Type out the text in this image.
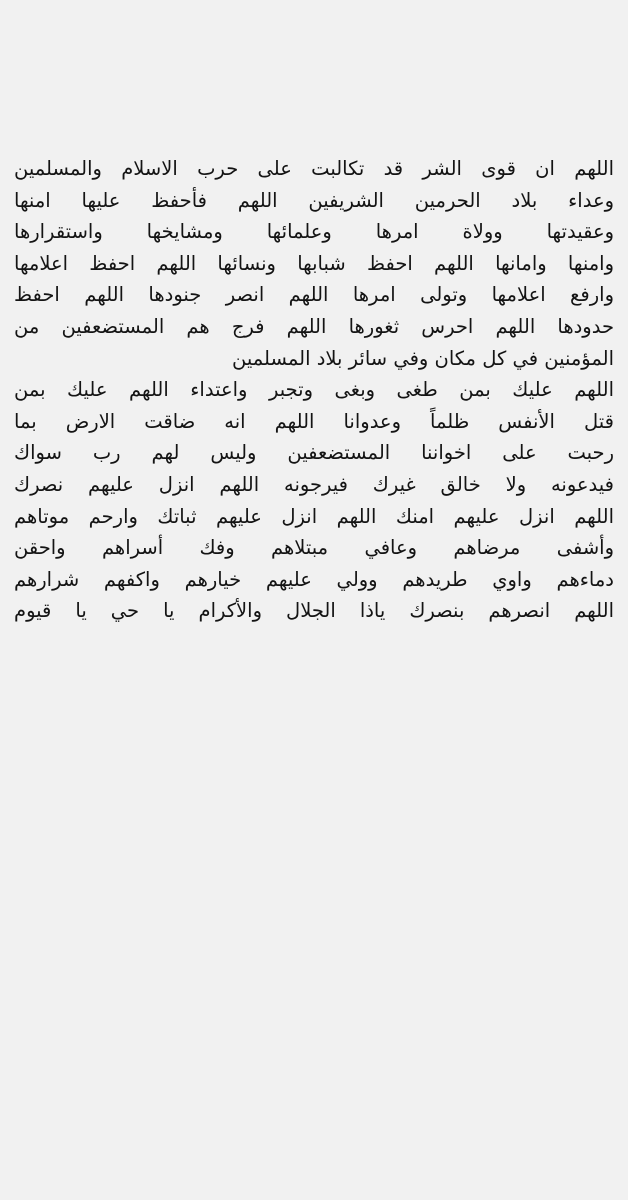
اللهم ان قوى الشر قد تكالبت على حرب الاسلام والمسلمين
وعداء بلاد الحرمين الشريفين اللهم فأحفظ عليها امنها
وعقيدتها وولاة امرها وعلمائها ومشايخها واستقرارها
وامنها وامانها اللهم احفظ شبابها ونسائها اللهم احفظ اعلامها
وارفع اعلامها وتولى امرها اللهم انصر جنودها اللهم احفظ
حدودها اللهم احرس ثغورها اللهم فرج هم المستضعفين من
المؤمنين في كل مكان وفي سائر بلاد المسلمين
اللهم عليك بمن طغى وبغى وتجبر واعتداء اللهم عليك بمن
قتل الأنفس ظلماً وعدوانا اللهم انه ضاقت الارض بما
رحبت على اخواننا المستضعفين وليس لهم رب سواك
فيدعونه ولا خالق غيرك فيرجونه اللهم انزل عليهم نصرك
اللهم انزل عليهم امنك اللهم انزل عليهم ثباتك وارحم موتاهم
وأشفى مرضاهم وعافي مبتلاهم وفك أسراهم واحقن
دماءهم واوي طريدهم وولي عليهم خيارهم واكفهم شرارهم
اللهم انصرهم بنصرك ياذا الجلال والأكرام يا حي يا قيوم
